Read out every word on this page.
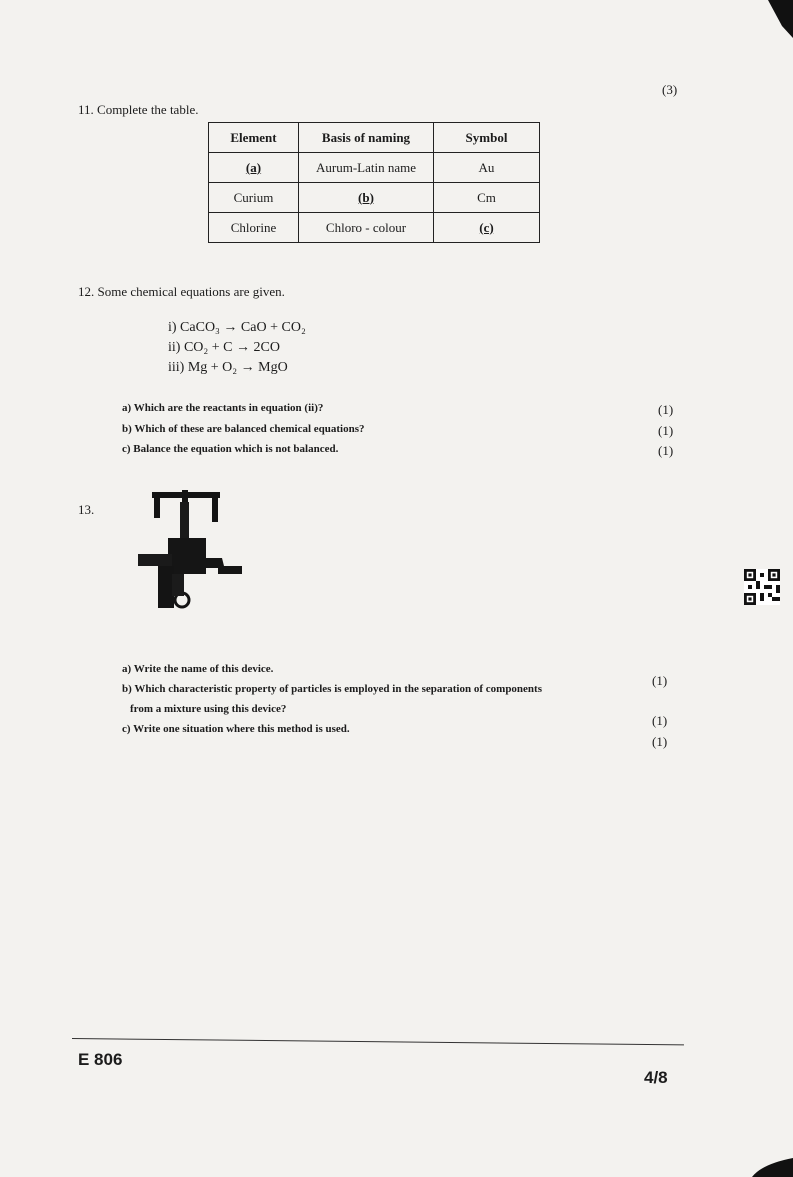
11. Complete the table.
(3)
Element	Basis of naming	Symbol
(a)	Aurum-Latin name	Au
Curium	(b)	Cm
Chlorine	Chloro - colour	(c)
12. Some chemical equations are given.
i) CaCO₃ → CaO + CO₂
ii) CO₂ + C → 2CO
iii) Mg + O₂ → MgO
a) Which are the reactants in equation (ii)?	(1)
b) Which of these are balanced chemical equations?	(1)
c) Balance the equation which is not balanced.	(1)
13.
a) Write the name of this device.
(1)
b) Which characteristic property of particles is employed in the separation of components
from a mixture using this device?
(1)
c) Write one situation where this method is used.
(1)
E 806
4/8
